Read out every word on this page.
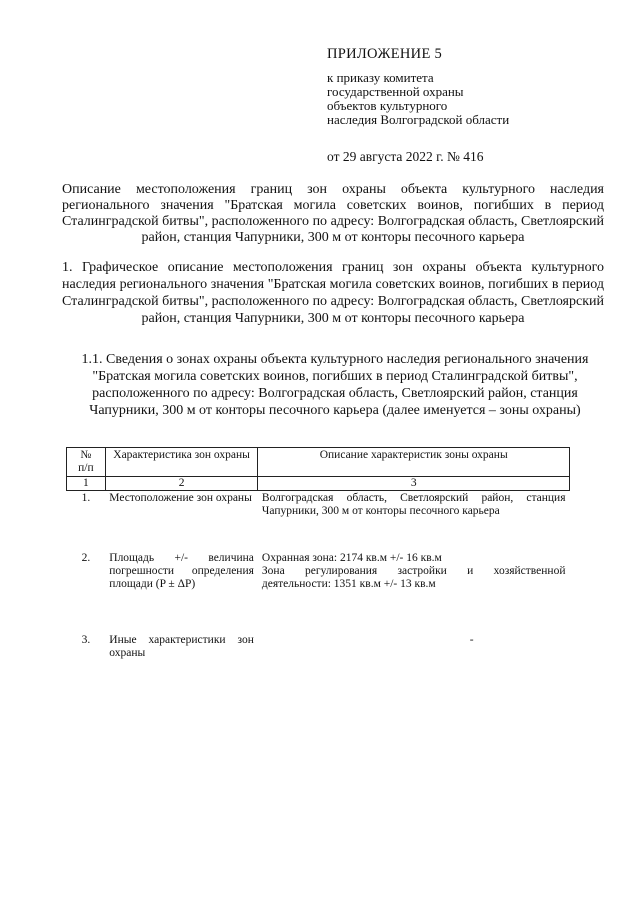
ПРИЛОЖЕНИЕ 5
к приказу комитета
государственной охраны
объектов культурного
наследия Волгоградской области
от 29 августа 2022 г. № 416
Описание местоположения границ зон охраны объекта культурного наследия регионального значения "Братская могила советских воинов, погибших в период Сталинградской битвы", расположенного по адресу: Волгоградская область, Светлоярский район, станция Чапурники, 300 м от конторы песочного карьера
1. Графическое описание местоположения границ зон охраны объекта культурного наследия регионального значения "Братская могила советских воинов, погибших в период Сталинградской битвы", расположенного по адресу: Волгоградская область, Светлоярский район, станция Чапурники, 300 м от конторы песочного карьера
1.1. Сведения о зонах охраны объекта культурного наследия регионального значения "Братская могила советских воинов, погибших в период Сталинградской битвы", расположенного по адресу: Волгоградская область, Светлоярский район, станция Чапурники, 300 м от конторы песочного карьера (далее именуется – зоны охраны)
№
п/п	Характеристика зон охраны	Описание характеристик зоны охраны
1	2	3
1.	Местоположение зон охраны	Волгоградская область, Светлоярский район, станция Чапурники, 300 м от конторы песочного карьера
2.	Площадь +/- величина погрешности определения площади (P ± ΔP)	Охранная зона: 2174 кв.м +/- 16 кв.м
Зона регулирования застройки и хозяйственной деятельности: 1351 кв.м +/- 13 кв.м

3.	Иные характеристики зон охраны	-
